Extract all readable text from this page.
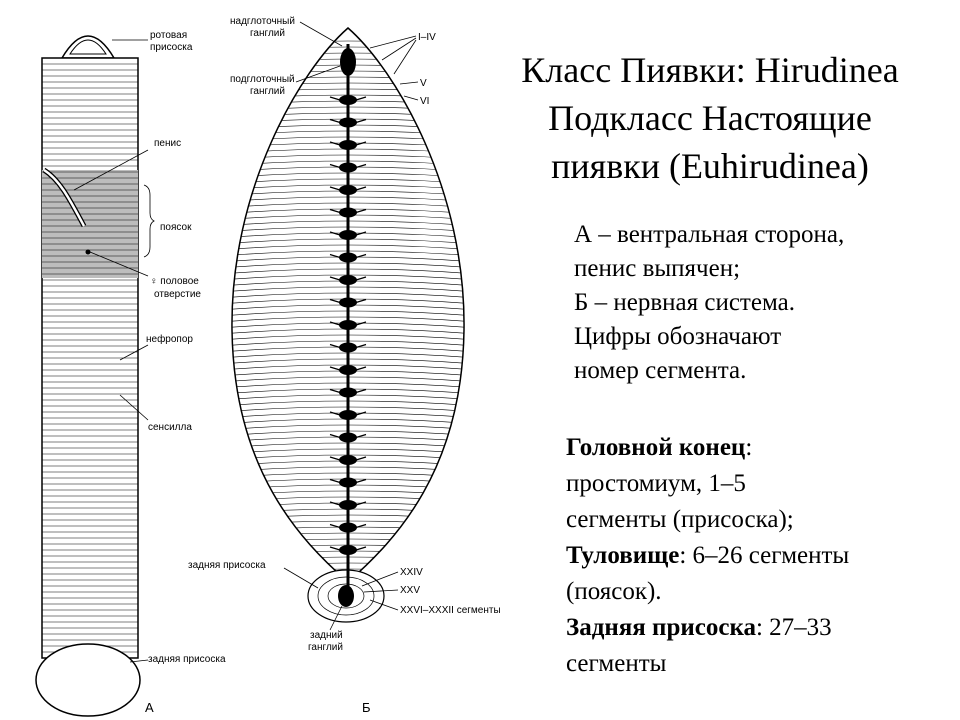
ротовая
присоска
пенис
поясок
♀ половое
отверстие
нефропор
сенсилла
задняя присоска
А
надглоточный
ганглий
подглоточный
ганглий
I–IV
V
VI
задняя присоска
XXIV
XXV
XXVI–XXXII сегменты
задний
ганглий
Б
Класс Пиявки: Hirudinea
Подкласс Настоящие
пиявки (Euhirudinea)
А – вентральная сторона,
пенис выпячен;
Б – нервная система.
Цифры обозначают
номер сегмента.
Головной конец:
простомиум, 1–5
сегменты (присоска);
Туловище: 6–26 сегменты
(поясок).
Задняя присоска: 27–33
сегменты
